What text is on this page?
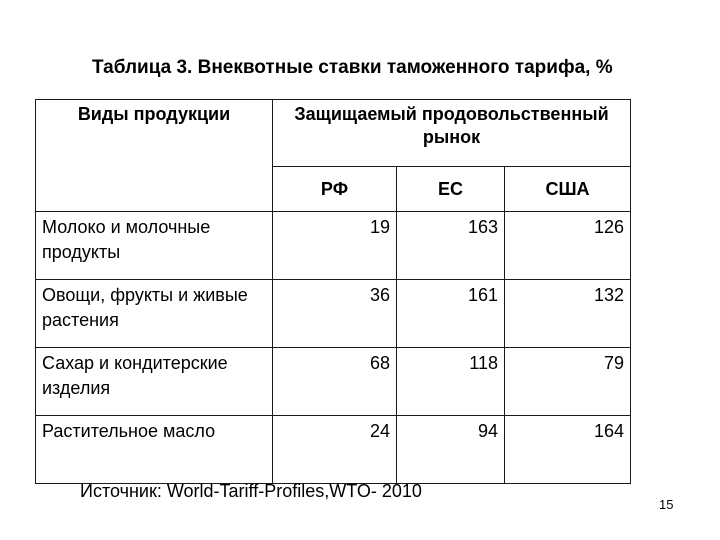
Таблица 3. Внеквотные ставки таможенного тарифа, %
Виды продукции	Защищаемый продовольственный рынок		
	РФ	ЕС	США
Молоко и молочные продукты	19	163	126
Овощи, фрукты и живые растения	36	161	132
Сахар и кондитерские изделия	68	118	79
Растительное масло	24	94	164
Источник: World-Tariff-Profiles,WTO- 2010
15
